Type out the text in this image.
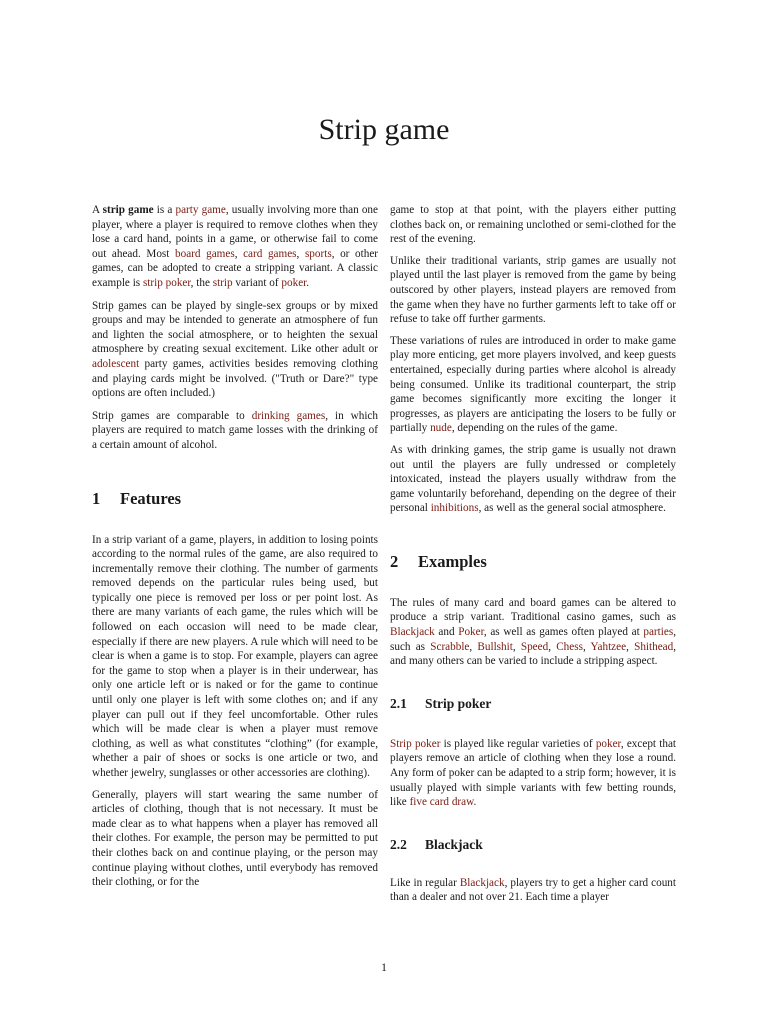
Strip game

A strip game is a party game, usually involving more than one player, where a player is required to remove clothes when they lose a card hand, points in a game, or otherwise fail to come out ahead. Most board games, card games, sports, or other games, can be adopted to create a stripping variant. A classic example is strip poker, the strip variant of poker.

Strip games can be played by single-sex groups or by mixed groups and may be intended to generate an atmosphere of fun and lighten the social atmosphere, or to heighten the sexual atmosphere by creating sexual excitement. Like other adult or adolescent party games, activities besides removing clothing and playing cards might be involved. ("Truth or Dare?" type options are often included.)

Strip games are comparable to drinking games, in which players are required to match game losses with the drinking of a certain amount of alcohol.

1 Features

In a strip variant of a game, players, in addition to losing points according to the normal rules of the game, are also required to incrementally remove their clothing. The number of garments removed depends on the particular rules being used, but typically one piece is removed per loss or per point lost. As there are many variants of each game, the rules which will be followed on each occasion will need to be made clear, especially if there are new players. A rule which will need to be clear is when a game is to stop. For example, players can agree for the game to stop when a player is in their underwear, has only one article left or is naked or for the game to continue until only one player is left with some clothes on; and if any player can pull out if they feel uncomfortable. Other rules which will be made clear is when a player must remove clothing, as well as what constitutes “clothing” (for example, whether a pair of shoes or socks is one article or two, and whether jewelry, sunglasses or other accessories are clothing).

Generally, players will start wearing the same number of articles of clothing, though that is not necessary. It must be made clear as to what happens when a player has removed all their clothes. For example, the person may be permitted to put their clothes back on and continue playing, or the person may continue playing without clothes, until everybody has removed their clothing, or for the

game to stop at that point, with the players either putting clothes back on, or remaining unclothed or semi-clothed for the rest of the evening.

Unlike their traditional variants, strip games are usually not played until the last player is removed from the game by being outscored by other players, instead players are removed from the game when they have no further garments left to take off or refuse to take off further garments.

These variations of rules are introduced in order to make game play more enticing, get more players involved, and keep guests entertained, especially during parties where alcohol is already being consumed. Unlike its traditional counterpart, the strip game becomes significantly more exciting the longer it progresses, as players are anticipating the losers to be fully or partially nude, depending on the rules of the game.

As with drinking games, the strip game is usually not drawn out until the players are fully undressed or completely intoxicated, instead the players usually withdraw from the game voluntarily beforehand, depending on the degree of their personal inhibitions, as well as the general social atmosphere.

2 Examples

The rules of many card and board games can be altered to produce a strip variant. Traditional casino games, such as Blackjack and Poker, as well as games often played at parties, such as Scrabble, Bullshit, Speed, Chess, Yahtzee, Shithead, and many others can be varied to include a stripping aspect.

2.1 Strip poker

Strip poker is played like regular varieties of poker, except that players remove an article of clothing when they lose a round. Any form of poker can be adapted to a strip form; however, it is usually played with simple variants with few betting rounds, like five card draw.

2.2 Blackjack

Like in regular Blackjack, players try to get a higher card count than a dealer and not over 21. Each time a player

1
